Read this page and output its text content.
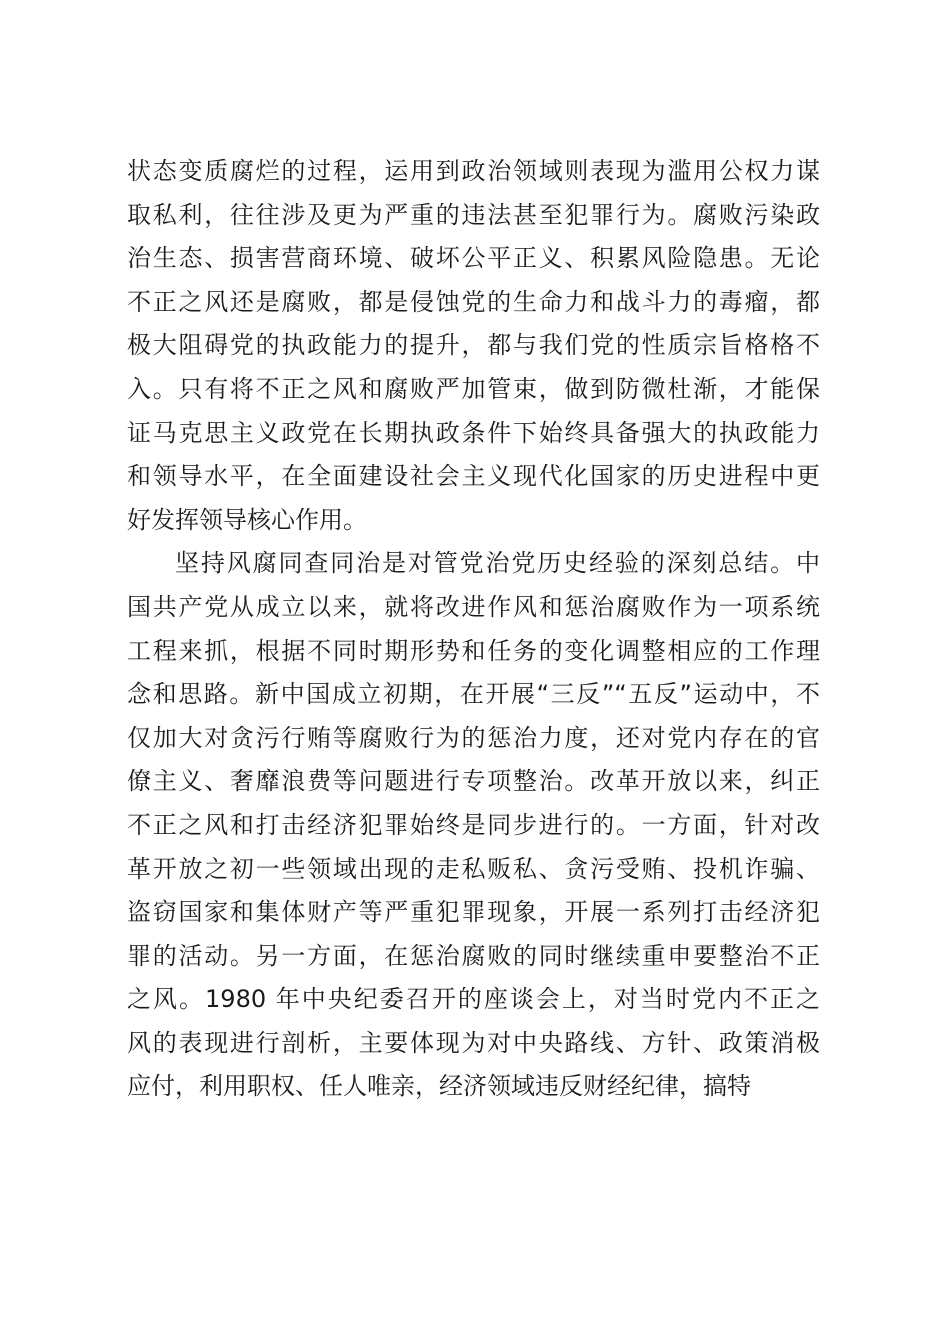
状态变质腐烂的过程，运用到政治领域则表现为滥用公权力谋
取私利，往往涉及更为严重的违法甚至犯罪行为。腐败污染政
治生态、损害营商环境、破坏公平正义、积累风险隐患。无论
不正之风还是腐败，都是侵蚀党的生命力和战斗力的毒瘤，都
极大阻碍党的执政能力的提升，都与我们党的性质宗旨格格不
入。只有将不正之风和腐败严加管束，做到防微杜渐，才能保
证马克思主义政党在长期执政条件下始终具备强大的执政能力
和领导水平，在全面建设社会主义现代化国家的历史进程中更
好发挥领导核心作用。

坚持风腐同查同治是对管党治党历史经验的深刻总结。中
国共产党从成立以来，就将改进作风和惩治腐败作为一项系统
工程来抓，根据不同时期形势和任务的变化调整相应的工作理
念和思路。新中国成立初期，在开展“三反”“五反”运动中，不
仅加大对贪污行贿等腐败行为的惩治力度，还对党内存在的官
僚主义、奢靡浪费等问题进行专项整治。改革开放以来，纠正
不正之风和打击经济犯罪始终是同步进行的。一方面，针对改
革开放之初一些领域出现的走私贩私、贪污受贿、投机诈骗、
盗窃国家和集体财产等严重犯罪现象，开展一系列打击经济犯
罪的活动。另一方面，在惩治腐败的同时继续重申要整治不正
之风。1980 年中央纪委召开的座谈会上，对当时党内不正之
风的表现进行剖析，主要体现为对中央路线、方针、政策消极
应付，利用职权、任人唯亲，经济领域违反财经纪律，搞特
